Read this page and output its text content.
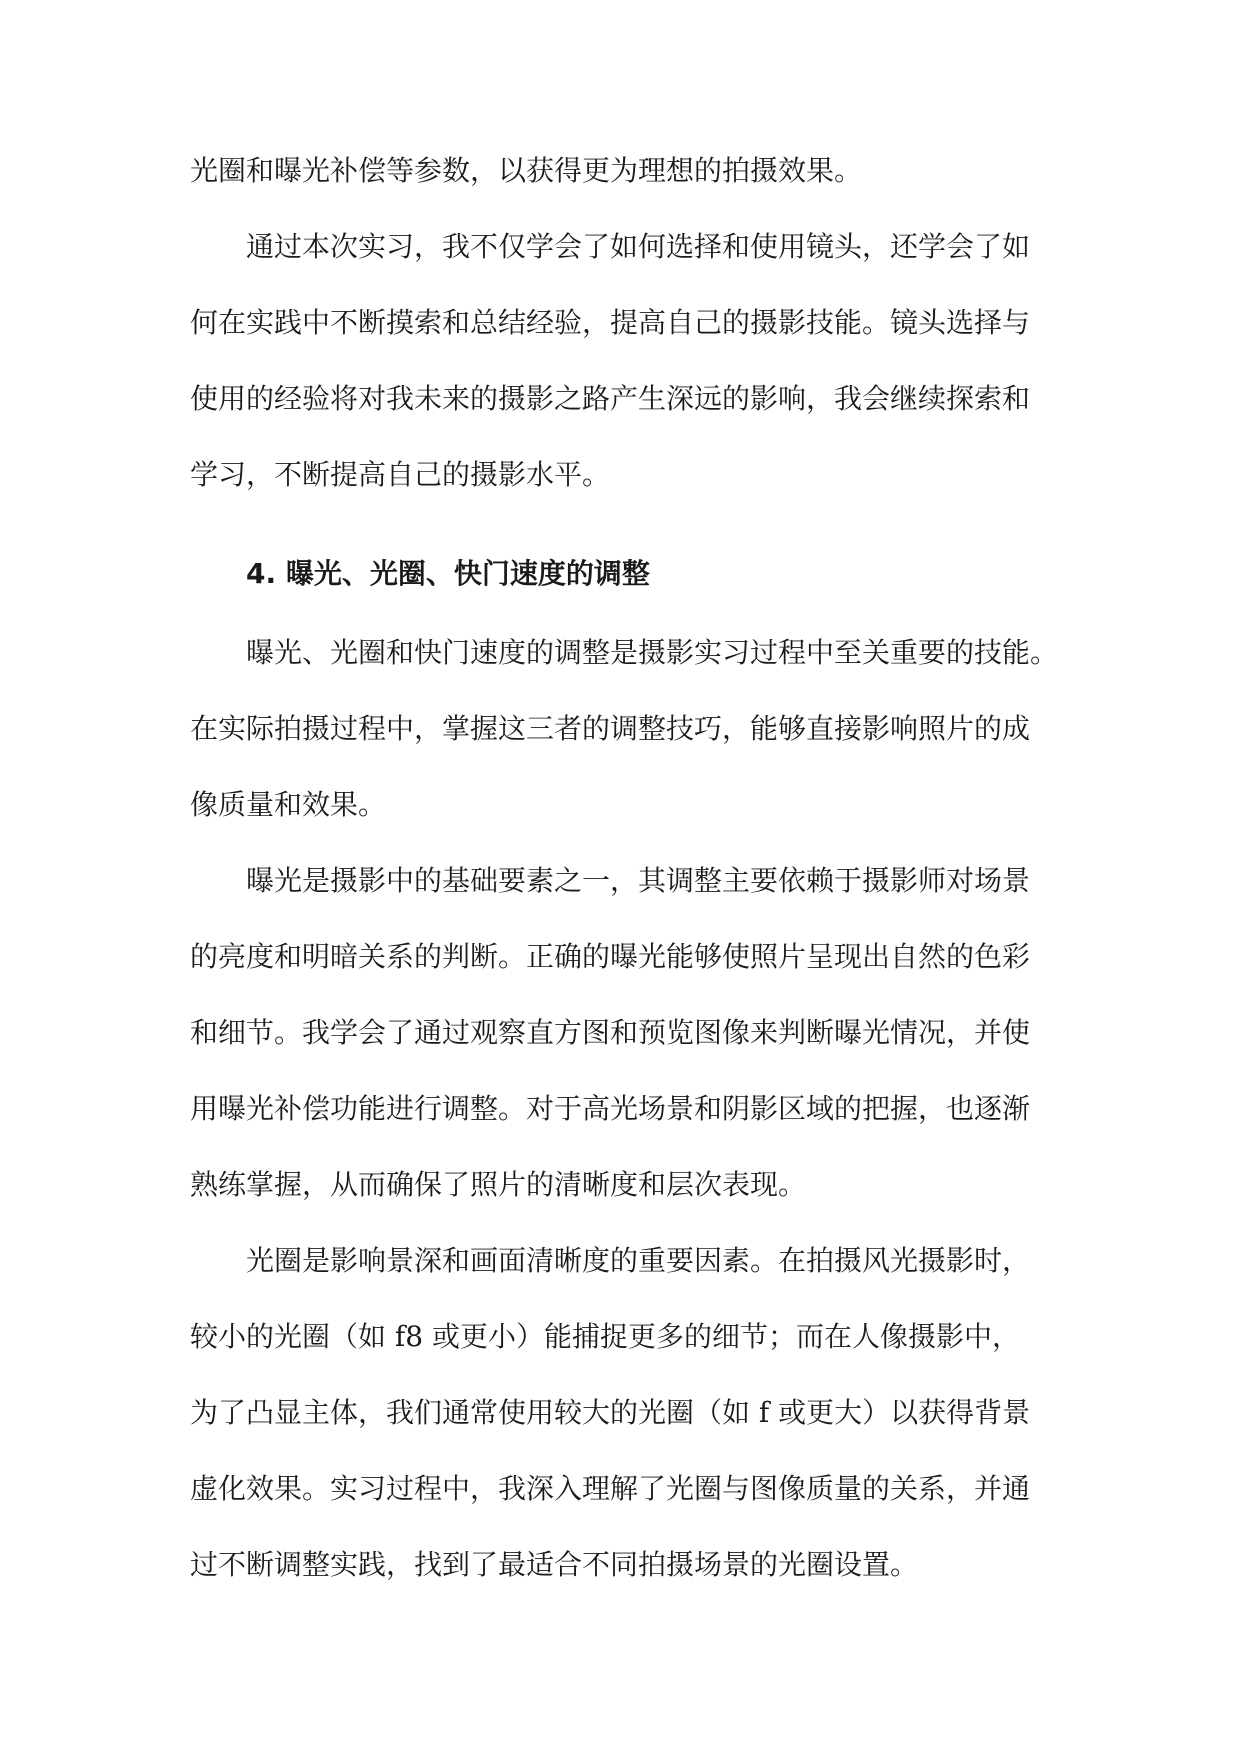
光圈和曝光补偿等参数，以获得更为理想的拍摄效果。
通过本次实习，我不仅学会了如何选择和使用镜头，还学会了如
何在实践中不断摸索和总结经验，提高自己的摄影技能。镜头选择与
使用的经验将对我未来的摄影之路产生深远的影响，我会继续探索和
学习，不断提高自己的摄影水平。
4. 曝光、光圈、快门速度的调整
曝光、光圈和快门速度的调整是摄影实习过程中至关重要的技能。
在实际拍摄过程中，掌握这三者的调整技巧，能够直接影响照片的成
像质量和效果。
曝光是摄影中的基础要素之一，其调整主要依赖于摄影师对场景
的亮度和明暗关系的判断。正确的曝光能够使照片呈现出自然的色彩
和细节。我学会了通过观察直方图和预览图像来判断曝光情况，并使
用曝光补偿功能进行调整。对于高光场景和阴影区域的把握，也逐渐
熟练掌握，从而确保了照片的清晰度和层次表现。
光圈是影响景深和画面清晰度的重要因素。在拍摄风光摄影时，
较小的光圈（如 f8 或更小）能捕捉更多的细节；而在人像摄影中，
为了凸显主体，我们通常使用较大的光圈（如 f 或更大）以获得背景
虚化效果。实习过程中，我深入理解了光圈与图像质量的关系，并通
过不断调整实践，找到了最适合不同拍摄场景的光圈设置。
